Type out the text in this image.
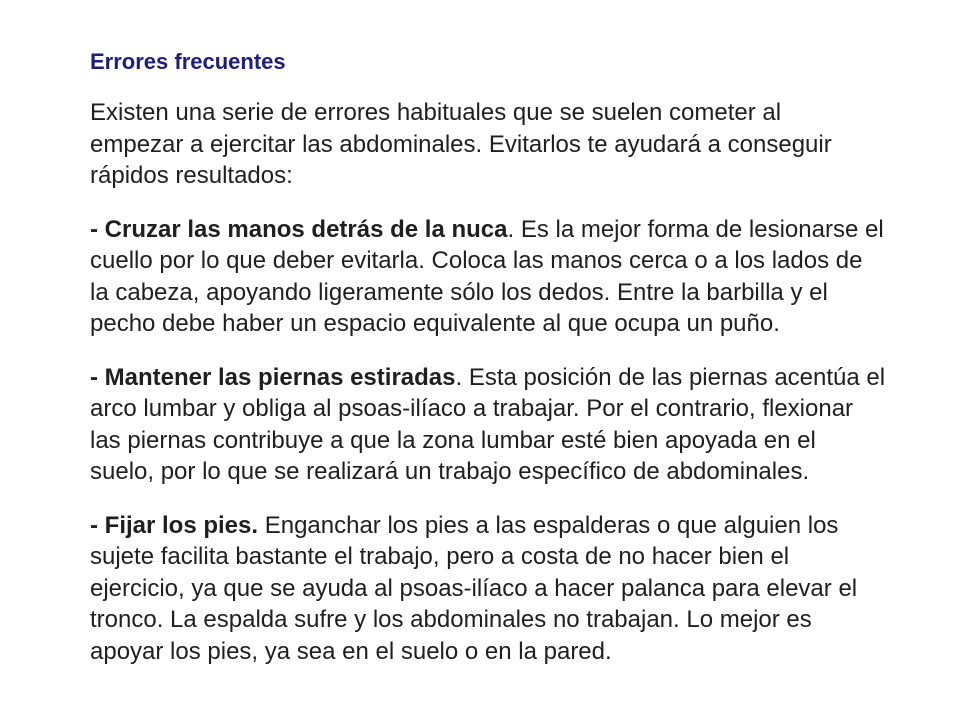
Errores frecuentes
Existen una serie de errores habituales que se suelen cometer al
empezar a ejercitar las abdominales. Evitarlos te ayudará a conseguir
rápidos resultados:
- Cruzar las manos detrás de la nuca. Es la mejor forma de lesionarse el
cuello por lo que deber evitarla. Coloca las manos cerca o a los lados de
la cabeza, apoyando ligeramente sólo los dedos. Entre la barbilla y el
pecho debe haber un espacio equivalente al que ocupa un puño.
- Mantener las piernas estiradas. Esta posición de las piernas acentúa el
arco lumbar y obliga al psoas-ilíaco a trabajar. Por el contrario, flexionar
las piernas contribuye a que la zona lumbar esté bien apoyada en el
suelo, por lo que se realizará un trabajo específico de abdominales.
- Fijar los pies. Enganchar los pies a las espalderas o que alguien los
sujete facilita bastante el trabajo, pero a costa de no hacer bien el
ejercicio, ya que se ayuda al psoas-ilíaco a hacer palanca para elevar el
tronco. La espalda sufre y los abdominales no trabajan. Lo mejor es
apoyar los pies, ya sea en el suelo o en la pared.
